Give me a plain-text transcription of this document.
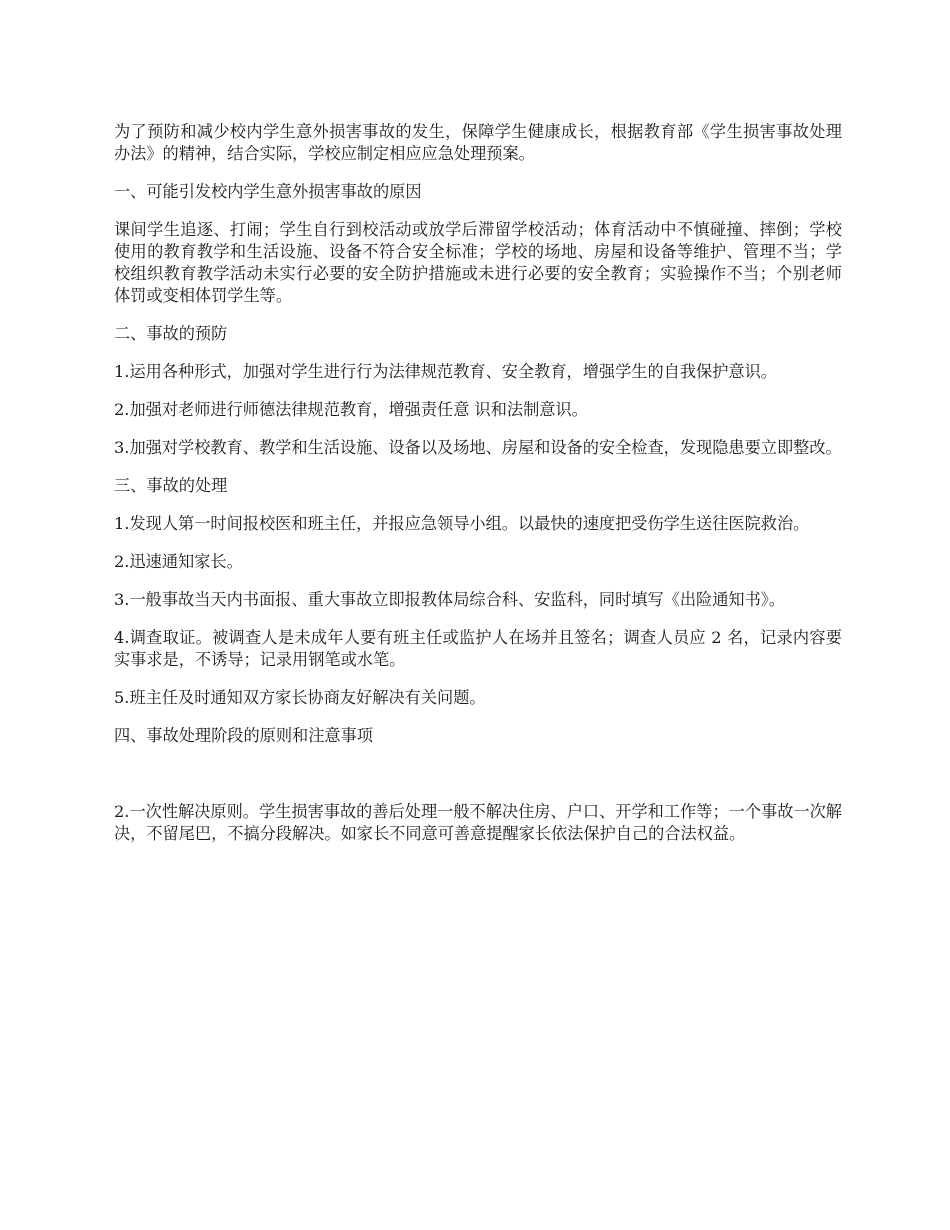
为了预防和减少校内学生意外损害事故的发生，保障学生健康成长，根据教育部《学生损害事故处理办法》的精神，结合实际，学校应制定相应应急处理预案。

一、可能引发校内学生意外损害事故的原因

课间学生追逐、打闹；学生自行到校活动或放学后滞留学校活动；体育活动中不慎碰撞、摔倒；学校使用的教育教学和生活设施、设备不符合安全标准；学校的场地、房屋和设备等维护、管理不当；学校组织教育教学活动未实行必要的安全防护措施或未进行必要的安全教育；实验操作不当；个别老师体罚或变相体罚学生等。

二、事故的预防

1.运用各种形式，加强对学生进行行为法律规范教育、安全教育，增强学生的自我保护意识。

2.加强对老师进行师德法律规范教育，增强责任意 识和法制意识。

3.加强对学校教育、教学和生活设施、设备以及场地、房屋和设备的安全检查，发现隐患要立即整改。

三、事故的处理

1.发现人第一时间报校医和班主任，并报应急领导小组。以最快的速度把受伤学生送往医院救治。

2.迅速通知家长。

3.一般事故当天内书面报、重大事故立即报教体局综合科、安监科，同时填写《出险通知书》。

4.调查取证。被调查人是未成年人要有班主任或监护人在场并且签名；调查人员应 2 名，记录内容要实事求是，不诱导；记录用钢笔或水笔。

5.班主任及时通知双方家长协商友好解决有关问题。

四、事故处理阶段的原则和注意事项

2.一次性解决原则。学生损害事故的善后处理一般不解决住房、户口、开学和工作等；一个事故一次解决，不留尾巴，不搞分段解决。如家长不同意可善意提醒家长依法保护自己的合法权益。
